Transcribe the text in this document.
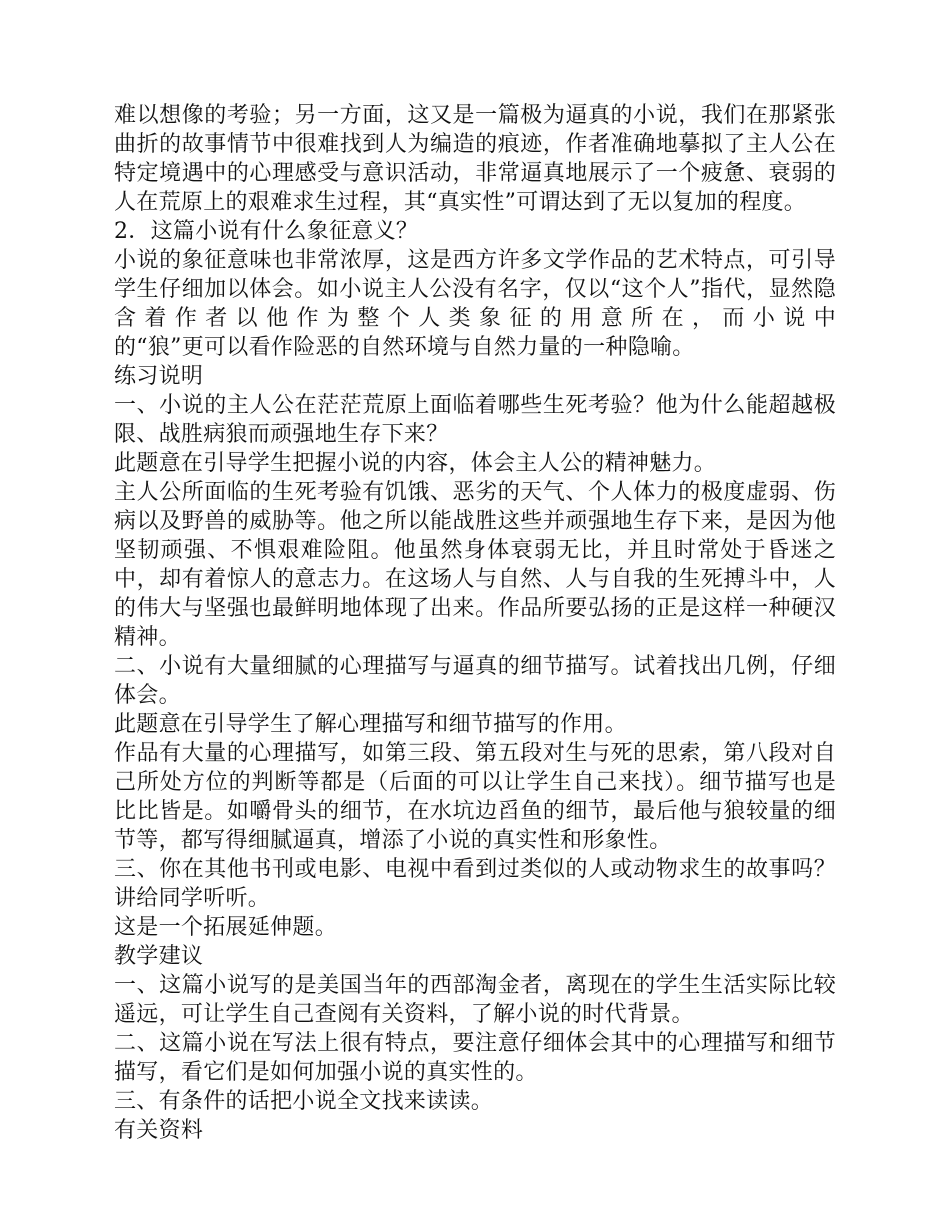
难以想像的考验；另一方面，这又是一篇极为逼真的小说，我们在那紧张曲折的故事情节中很难找到人为编造的痕迹，作者准确地摹拟了主人公在特定境遇中的心理感受与意识活动，非常逼真地展示了一个疲惫、衰弱的人在荒原上的艰难求生过程，其“真实性”可谓达到了无以复加的程度。

2．这篇小说有什么象征意义？

小说的象征意味也非常浓厚，这是西方许多文学作品的艺术特点，可引导学生仔细加以体会。如小说主人公没有名字，仅以“这个人”指代，显然隐含着作者以他作为整个人类象征的用意所在，而小说中

的“狼”更可以看作险恶的自然环境与自然力量的一种隐喻。

练习说明

一、小说的主人公在茫茫荒原上面临着哪些生死考验？他为什么能超越极限、战胜病狼而顽强地生存下来？

此题意在引导学生把握小说的内容，体会主人公的精神魅力。

主人公所面临的生死考验有饥饿、恶劣的天气、个人体力的极度虚弱、伤病以及野兽的威胁等。他之所以能战胜这些并顽强地生存下来，是因为他坚韧顽强、不惧艰难险阻。他虽然身体衰弱无比，并且时常处于昏迷之中，却有着惊人的意志力。在这场人与自然、人与自我的生死搏斗中，人的伟大与坚强也最鲜明地体现了出来。作品所要弘扬的正是这样一种硬汉精神。

二、小说有大量细腻的心理描写与逼真的细节描写。试着找出几例，仔细体会。

此题意在引导学生了解心理描写和细节描写的作用。

作品有大量的心理描写，如第三段、第五段对生与死的思索，第八段对自己所处方位的判断等都是（后面的可以让学生自己来找）。细节描写也是比比皆是。如嚼骨头的细节，在水坑边舀鱼的细节，最后他与狼较量的细节等，都写得细腻逼真，增添了小说的真实性和形象性。

三、你在其他书刊或电影、电视中看到过类似的人或动物求生的故事吗？讲给同学听听。

这是一个拓展延伸题。

教学建议

一、这篇小说写的是美国当年的西部淘金者，离现在的学生生活实际比较遥远，可让学生自己查阅有关资料，了解小说的时代背景。

二、这篇小说在写法上很有特点，要注意仔细体会其中的心理描写和细节描写，看它们是如何加强小说的真实性的。

三、有条件的话把小说全文找来读读。

有关资料
